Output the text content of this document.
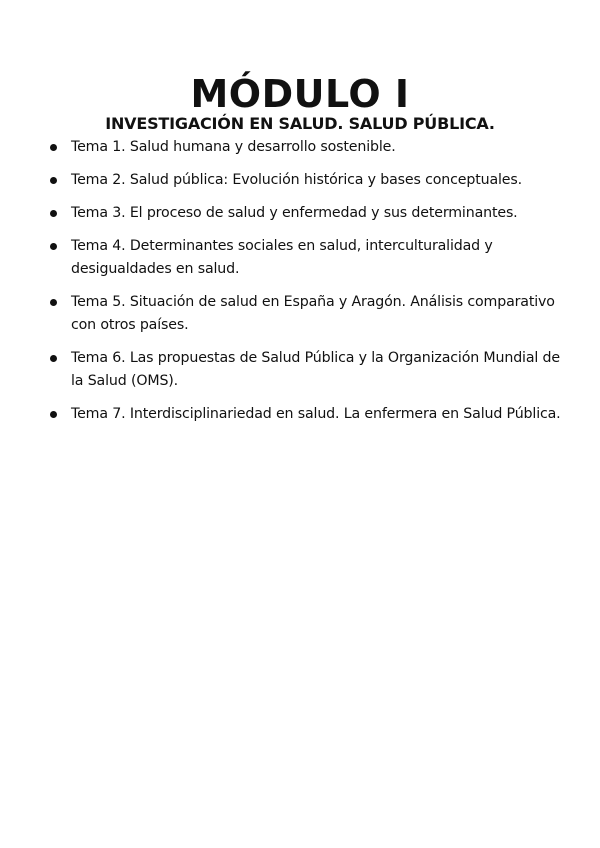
MÓDULO I
INVESTIGACIÓN EN SALUD. SALUD PÚBLICA.
Tema 1. Salud humana y desarrollo sostenible.
Tema 2. Salud pública: Evolución histórica y bases conceptuales.
Tema 3. El proceso de salud y enfermedad y sus determinantes.
Tema 4. Determinantes sociales en salud, interculturalidad y desigualdades en salud.
Tema 5. Situación de salud en España y Aragón. Análisis comparativo con otros países.
Tema 6. Las propuestas de Salud Pública y la Organización Mundial de la Salud (OMS).
Tema 7. Interdisciplinariedad en salud. La enfermera en Salud Pública.
